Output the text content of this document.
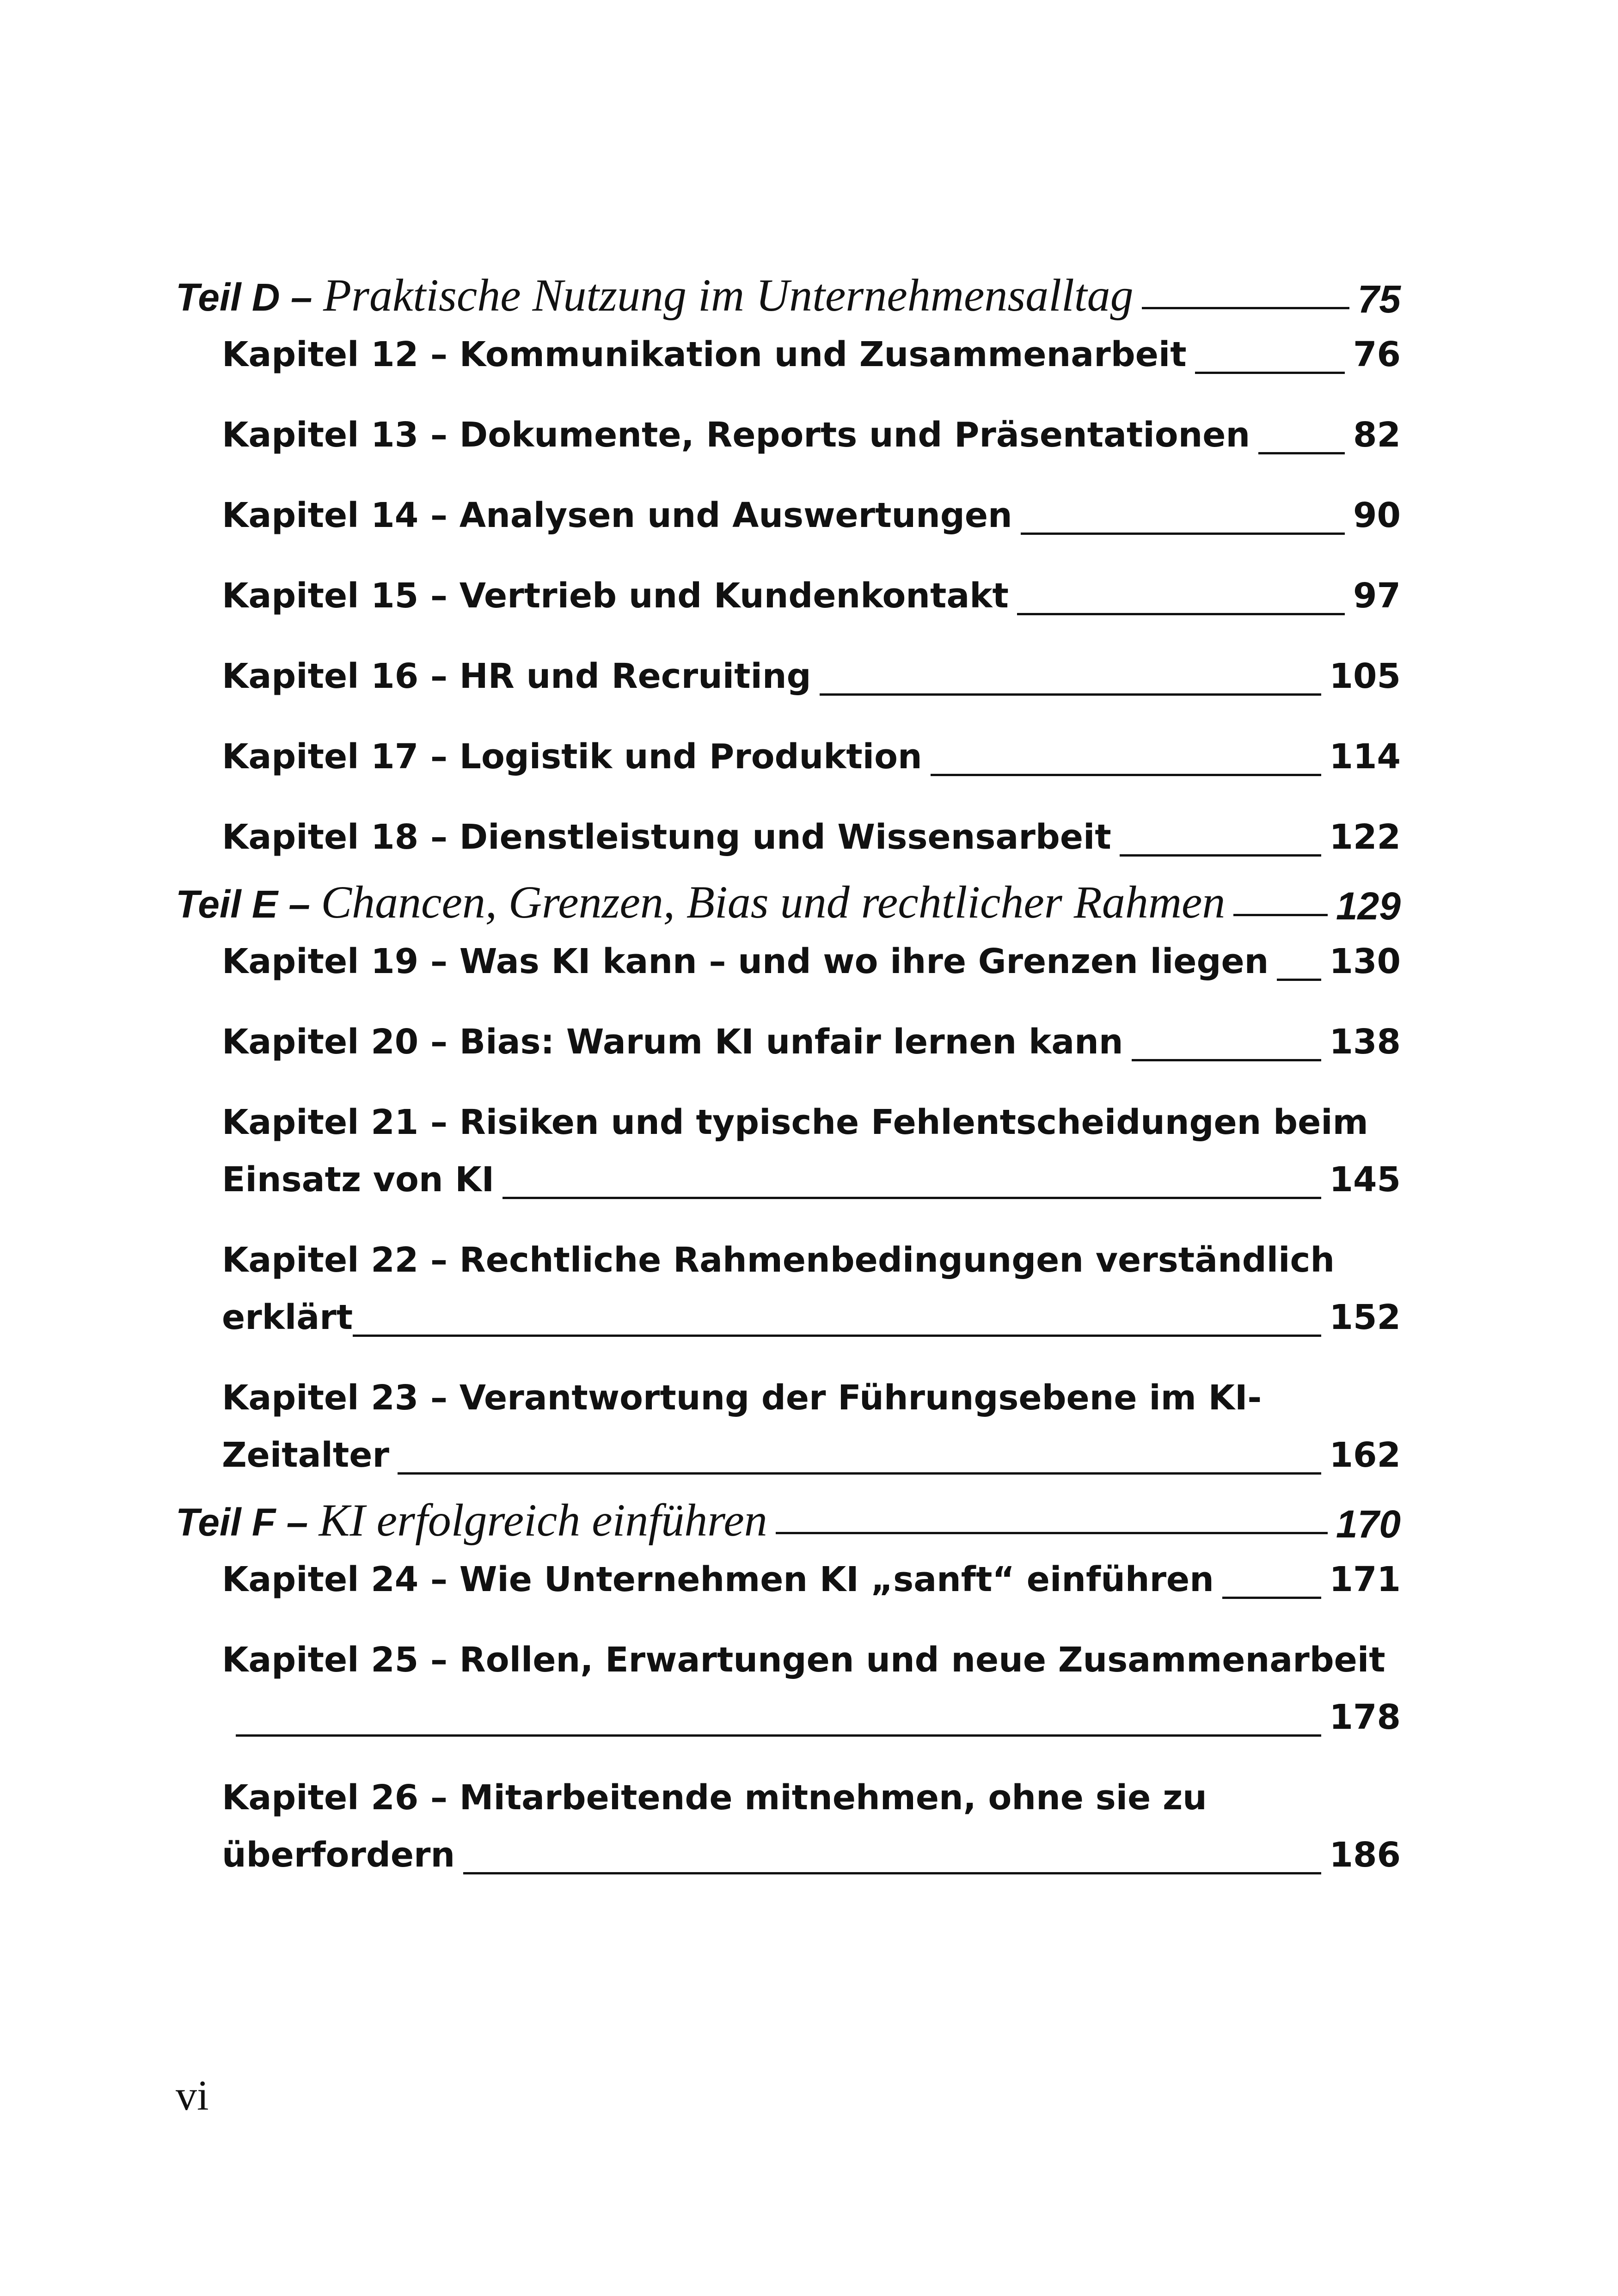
Teil D – Praktische Nutzung im Unternehmensalltag	75
Kapitel 12 – Kommunikation und Zusammenarbeit	76
Kapitel 13 – Dokumente, Reports und Präsentationen	82
Kapitel 14 – Analysen und Auswertungen	90
Kapitel 15 – Vertrieb und Kundenkontakt	97
Kapitel 16 – HR und Recruiting	105
Kapitel 17 – Logistik und Produktion	114
Kapitel 18 – Dienstleistung und Wissensarbeit	122
Teil E – Chancen, Grenzen, Bias und rechtlicher Rahmen	129
Kapitel 19 – Was KI kann – und wo ihre Grenzen liegen 130
Kapitel 20 – Bias: Warum KI unfair lernen kann	138
Kapitel 21 – Risiken und typische Fehlentscheidungen beim
Einsatz von KI	145
Kapitel 22 – Rechtliche Rahmenbedingungen verständlich
erklärt	152
Kapitel 23 – Verantwortung der Führungsebene im KI-
Zeitalter	162
Teil F – KI erfolgreich einführen	170
Kapitel 24 – Wie Unternehmen KI „sanft“ einführen	171
Kapitel 25 – Rollen, Erwartungen und neue Zusammenarbeit
178
Kapitel 26 – Mitarbeitende mitnehmen, ohne sie zu
überfordern	186
vi
